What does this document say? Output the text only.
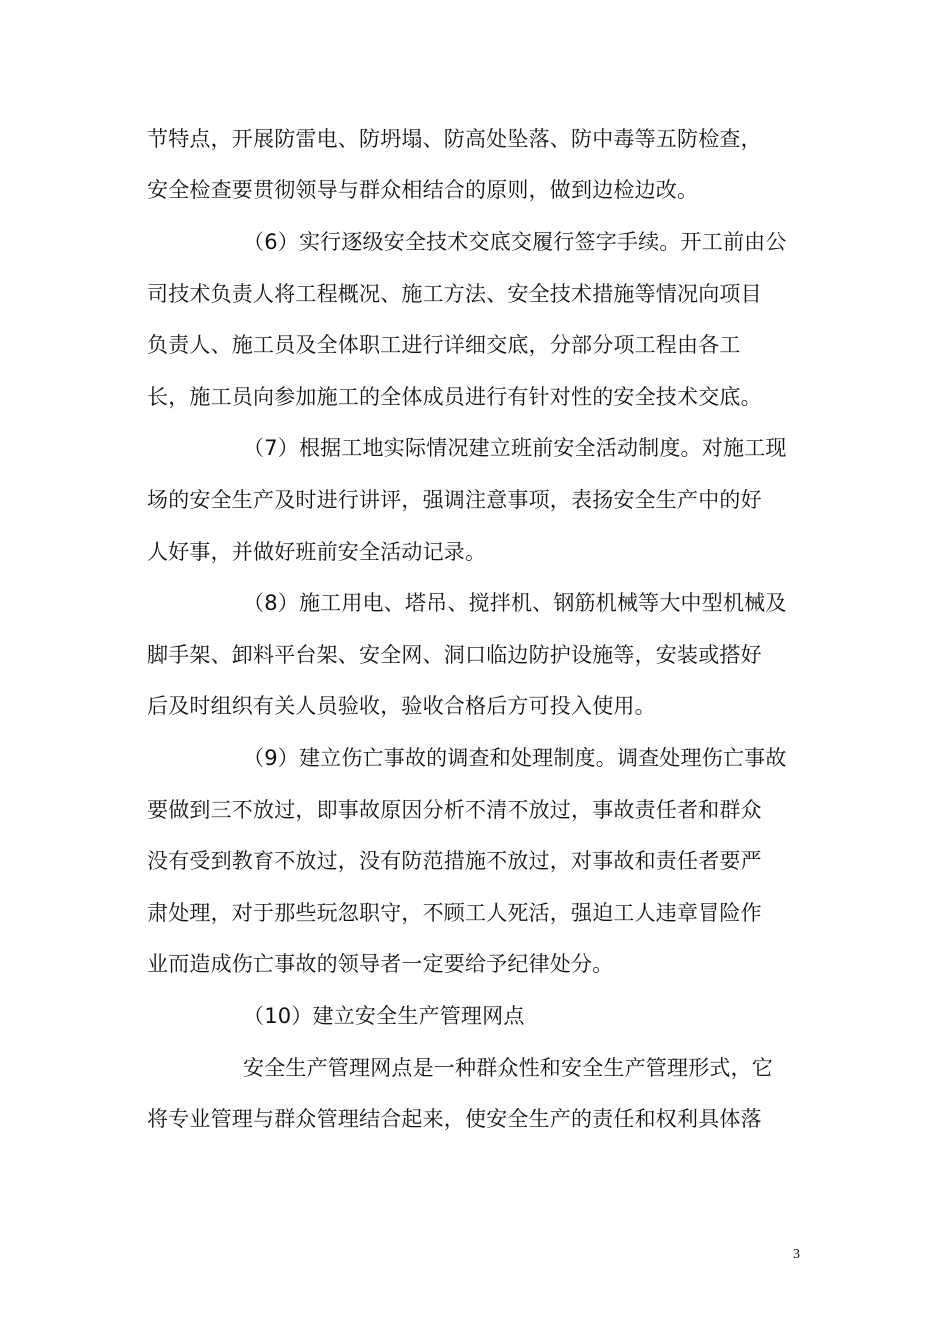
节特点，开展防雷电、防坍塌、防高处坠落、防中毒等五防检查，
安全检查要贯彻领导与群众相结合的原则，做到边检边改。
（6）实行逐级安全技术交底交履行签字手续。开工前由公
司技术负责人将工程概况、施工方法、安全技术措施等情况向项目
负责人、施工员及全体职工进行详细交底，分部分项工程由各工
长，施工员向参加施工的全体成员进行有针对性的安全技术交底。
（7）根据工地实际情况建立班前安全活动制度。对施工现
场的安全生产及时进行讲评，强调注意事项，表扬安全生产中的好
人好事，并做好班前安全活动记录。
（8）施工用电、塔吊、搅拌机、钢筋机械等大中型机械及
脚手架、卸料平台架、安全网、洞口临边防护设施等，安装或搭好
后及时组织有关人员验收，验收合格后方可投入使用。
（9）建立伤亡事故的调查和处理制度。调查处理伤亡事故
要做到三不放过，即事故原因分析不清不放过，事故责任者和群众
没有受到教育不放过，没有防范措施不放过，对事故和责任者要严
肃处理，对于那些玩忽职守，不顾工人死活，强迫工人违章冒险作
业而造成伤亡事故的领导者一定要给予纪律处分。
（10）建立安全生产管理网点
安全生产管理网点是一种群众性和安全生产管理形式，它
将专业管理与群众管理结合起来，使安全生产的责任和权利具体落
3
